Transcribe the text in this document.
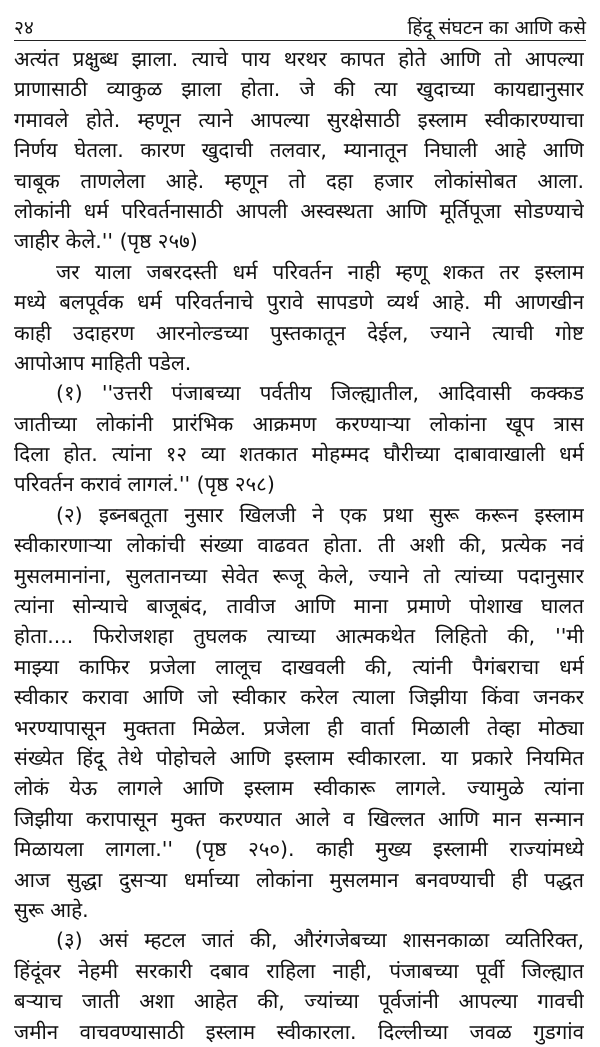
२४	हिंदू संघटन का आणि कसे
अत्यंत प्रक्षुब्ध झाला. त्याचे पाय थरथर कापत होते आणि तो आपल्या
प्राणासाठी व्याकुळ झाला होता. जे की त्या खुदाच्या कायद्यानुसार
गमावले होते. म्हणून त्याने आपल्या सुरक्षेसाठी इस्लाम स्वीकारण्याचा
निर्णय घेतला. कारण खुदाची तलवार, म्यानातून निघाली आहे आणि
चाबूक ताणलेला आहे. म्हणून तो दहा हजार लोकांसोबत आला.
लोकांनी धर्म परिवर्तनासाठी आपली अस्वस्थता आणि मूर्तिपूजा सोडण्याचे
जाहीर केले.'' (पृष्ठ २५७)
जर याला जबरदस्ती धर्म परिवर्तन नाही म्हणू शकत तर इस्लाम
मध्ये बलपूर्वक धर्म परिवर्तनाचे पुरावे सापडणे व्यर्थ आहे. मी आणखीन
काही उदाहरण आरनोल्डच्या पुस्तकातून देईल, ज्याने त्याची गोष्ट
आपोआप माहिती पडेल.
(१) ''उत्तरी पंजाबच्या पर्वतीय जिल्ह्यातील, आदिवासी कक्कड
जातीच्या लोकांनी प्रारंभिक आक्रमण करण्याऱ्या लोकांना खूप त्रास
दिला होत. त्यांना १२ व्या शतकात मोहम्मद घौरीच्या दाबावाखाली धर्म
परिवर्तन करावं लागलं.'' (पृष्ठ २५८)
(२) इब्नबतूता नुसार खिलजी ने एक प्रथा सुरू करून इस्लाम
स्वीकारणाऱ्या लोकांची संख्या वाढवत होता. ती अशी की, प्रत्येक नवं
मुसलमानांना, सुलतानच्या सेवेत रूजू केले, ज्याने तो त्यांच्या पदानुसार
त्यांना सोन्याचे बाजूबंद, तावीज आणि माना प्रमाणे पोशाख घालत
होता.... फिरोजशहा तुघलक त्याच्या आत्मकथेत लिहितो की, ''मी
माझ्या काफिर प्रजेला लालूच दाखवली की, त्यांनी पैगंबराचा धर्म
स्वीकार करावा आणि जो स्वीकार करेल त्याला जिझीया किंवा जनकर
भरण्यापासून मुक्तता मिळेल. प्रजेला ही वार्ता मिळाली तेव्हा मोठ्या
संख्येत हिंदू तेथे पोहोचले आणि इस्लाम स्वीकारला. या प्रकारे नियमित
लोकं येऊ लागले आणि इस्लाम स्वीकारू लागले. ज्यामुळे त्यांना
जिझीया करापासून मुक्त करण्यात आले व खिल्लत आणि मान सन्मान
मिळायला लागला.'' (पृष्ठ २५०). काही मुख्य इस्लामी राज्यांमध्ये
आज सुद्धा दुसऱ्या धर्माच्या लोकांना मुसलमान बनवण्याची ही पद्धत
सुरू आहे.
(३) असं म्हटल जातं की, औरंगजेबच्या शासनकाळा व्यतिरिक्त,
हिंदूंवर नेहमी सरकारी दबाव राहिला नाही, पंजाबच्या पूर्वी जिल्ह्यात
बऱ्याच जाती अशा आहेत की, ज्यांच्या पूर्वजांनी आपल्या गावची
जमीन वाचवण्यासाठी इस्लाम स्वीकारला. दिल्लीच्या जवळ गुडगांव
